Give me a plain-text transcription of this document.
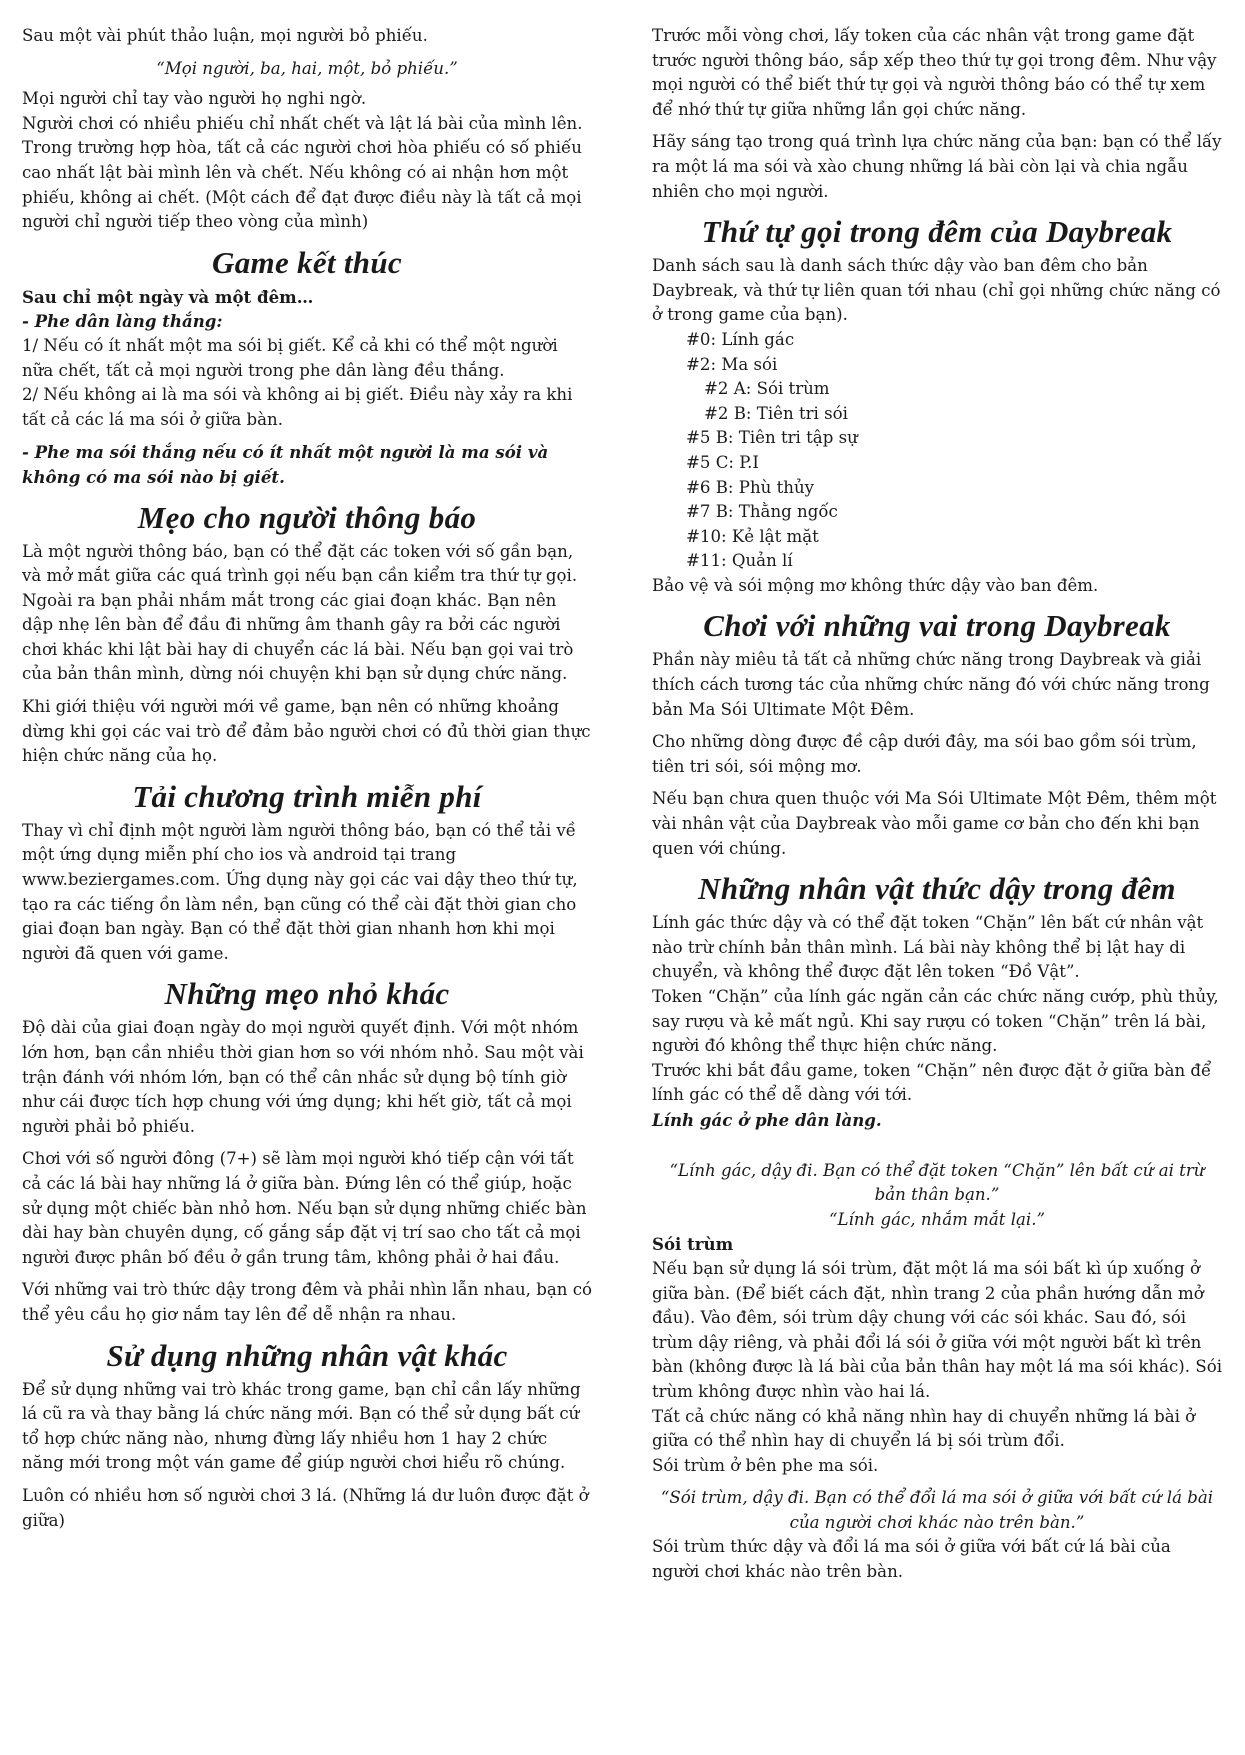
Sau một vài phút thảo luận, mọi người bỏ phiếu.

“Mọi người, ba, hai, một, bỏ phiếu.”

Mọi người chỉ tay vào người họ nghi ngờ.

Người chơi có nhiều phiếu chỉ nhất chết và lật lá bài của mình lên. Trong trường hợp hòa, tất cả các người chơi hòa phiếu có số phiếu cao nhất lật bài mình lên và chết. Nếu không có ai nhận hơn một phiếu, không ai chết. (Một cách để đạt được điều này là tất cả mọi người chỉ người tiếp theo vòng của mình)

Game kết thúc

Sau chỉ một ngày và một đêm…

- Phe dân làng thắng:

1/ Nếu có ít nhất một ma sói bị giết. Kể cả khi có thể một người nữa chết, tất cả mọi người trong phe dân làng đều thắng.

2/ Nếu không ai là ma sói và không ai bị giết. Điều này xảy ra khi tất cả các lá ma sói ở giữa bàn.

- Phe ma sói thắng nếu có ít nhất một người là ma sói và không có ma sói nào bị giết.

Mẹo cho người thông báo

Là một người thông báo, bạn có thể đặt các token với số gần bạn, và mở mắt giữa các quá trình gọi nếu bạn cần kiểm tra thứ tự gọi. Ngoài ra bạn phải nhắm mắt trong các giai đoạn khác. Bạn nên dập nhẹ lên bàn để đầu đi những âm thanh gây ra bởi các người chơi khác khi lật bài hay di chuyển các lá bài. Nếu bạn gọi vai trò của bản thân mình, dừng nói chuyện khi bạn sử dụng chức năng.

Khi giới thiệu với người mới về game, bạn nên có những khoảng dừng khi gọi các vai trò để đảm bảo người chơi có đủ thời gian thực hiện chức năng của họ.

Tải chương trình miễn phí

Thay vì chỉ định một người làm người thông báo, bạn có thể tải về một ứng dụng miễn phí cho ios và android tại trang www.beziergames.com. Ứng dụng này gọi các vai dậy theo thứ tự, tạo ra các tiếng ồn làm nền, bạn cũng có thể cài đặt thời gian cho giai đoạn ban ngày. Bạn có thể đặt thời gian nhanh hơn khi mọi người đã quen với game.

Những mẹo nhỏ khác

Độ dài của giai đoạn ngày do mọi người quyết định. Với một nhóm lớn hơn, bạn cần nhiều thời gian hơn so với nhóm nhỏ. Sau một vài trận đánh với nhóm lớn, bạn có thể cân nhắc sử dụng bộ tính giờ như cái được tích hợp chung với ứng dụng; khi hết giờ, tất cả mọi người phải bỏ phiếu.

Chơi với số người đông (7+) sẽ làm mọi người khó tiếp cận với tất cả các lá bài hay những lá ở giữa bàn. Đứng lên có thể giúp, hoặc sử dụng một chiếc bàn nhỏ hơn. Nếu bạn sử dụng những chiếc bàn dài hay bàn chuyên dụng, cố gắng sắp đặt vị trí sao cho tất cả mọi người được phân bố đều ở gần trung tâm, không phải ở hai đầu.

Với những vai trò thức dậy trong đêm và phải nhìn lẫn nhau, bạn có thể yêu cầu họ giơ nắm tay lên để dễ nhận ra nhau.

Sử dụng những nhân vật khác

Để sử dụng những vai trò khác trong game, bạn chỉ cần lấy những lá cũ ra và thay bằng lá chức năng mới. Bạn có thể sử dụng bất cứ tổ hợp chức năng nào, nhưng đừng lấy nhiều hơn 1 hay 2 chức năng mới trong một ván game để giúp người chơi hiểu rõ chúng.

Luôn có nhiều hơn số người chơi 3 lá. (Những lá dư luôn được đặt ở giữa)

Trước mỗi vòng chơi, lấy token của các nhân vật trong game đặt trước người thông báo, sắp xếp theo thứ tự gọi trong đêm. Như vậy mọi người có thể biết thứ tự gọi và người thông báo có thể tự xem để nhớ thứ tự giữa những lần gọi chức năng.

Hãy sáng tạo trong quá trình lựa chức năng của bạn: bạn có thể lấy ra một lá ma sói và xào chung những lá bài còn lại và chia ngẫu nhiên cho mọi người.

Thứ tự gọi trong đêm của Daybreak

Danh sách sau là danh sách thức dậy vào ban đêm cho bản Daybreak, và thứ tự liên quan tới nhau (chỉ gọi những chức năng có ở trong game của bạn).

#0: Lính gác
#2: Ma sói
#2 A: Sói trùm
#2 B: Tiên tri sói
#5 B: Tiên tri tập sự
#5 C: P.I
#6 B: Phù thủy
#7 B: Thằng ngốc
#10: Kẻ lật mặt
#11: Quản lí

Bảo vệ và sói mộng mơ không thức dậy vào ban đêm.

Chơi với những vai trong Daybreak

Phần này miêu tả tất cả những chức năng trong Daybreak và giải thích cách tương tác của những chức năng đó với chức năng trong bản Ma Sói Ultimate Một Đêm.

Cho những dòng được đề cập dưới đây, ma sói bao gồm sói trùm, tiên tri sói, sói mộng mơ.

Nếu bạn chưa quen thuộc với Ma Sói Ultimate Một Đêm, thêm một vài nhân vật của Daybreak vào mỗi game cơ bản cho đến khi bạn quen với chúng.

Những nhân vật thức dậy trong đêm

Lính gác thức dậy và có thể đặt token “Chặn” lên bất cứ nhân vật nào trừ chính bản thân mình. Lá bài này không thể bị lật hay di chuyển, và không thể được đặt lên token “Đồ Vật”.

Token “Chặn” của lính gác ngăn cản các chức năng cướp, phù thủy, say rượu và kẻ mất ngủ. Khi say rượu có token “Chặn” trên lá bài, người đó không thể thực hiện chức năng.

Trước khi bắt đầu game, token “Chặn” nên được đặt ở giữa bàn để lính gác có thể dễ dàng với tới.

Lính gác ở phe dân làng.

“Lính gác, dậy đi. Bạn có thể đặt token “Chặn” lên bất cứ ai trừ bản thân bạn.”

“Lính gác, nhắm mắt lại.”

Sói trùm

Nếu bạn sử dụng lá sói trùm, đặt một lá ma sói bất kì úp xuống ở giữa bàn. (Để biết cách đặt, nhìn trang 2 của phần hướng dẫn mở đầu). Vào đêm, sói trùm dậy chung với các sói khác. Sau đó, sói trùm dậy riêng, và phải đổi lá sói ở giữa với một người bất kì trên bàn (không được là lá bài của bản thân hay một lá ma sói khác). Sói trùm không được nhìn vào hai lá.

Tất cả chức năng có khả năng nhìn hay di chuyển những lá bài ở giữa có thể nhìn hay di chuyển lá bị sói trùm đổi.

Sói trùm ở bên phe ma sói.

“Sói trùm, dậy đi. Bạn có thể đổi lá ma sói ở giữa với bất cứ lá bài của người chơi khác nào trên bàn.”

Sói trùm thức dậy và đổi lá ma sói ở giữa với bất cứ lá bài của người chơi khác nào trên bàn.
